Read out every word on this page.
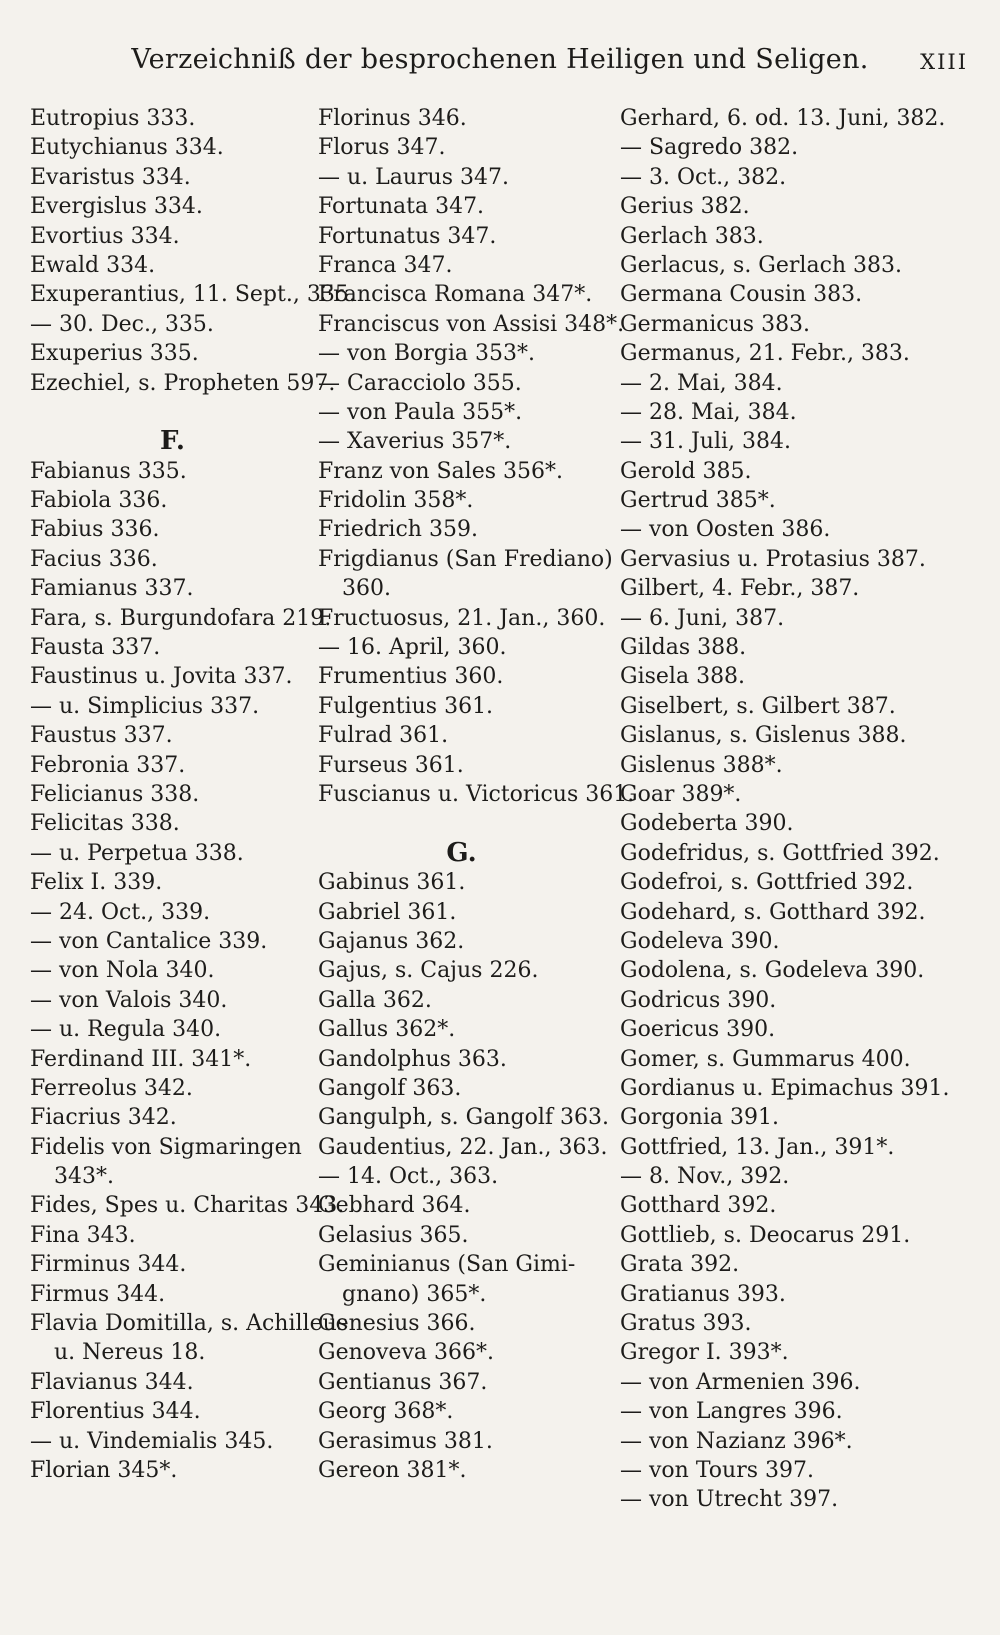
Verzeichniß der besprochenen Heiligen und Seligen.	XIII
Eutropius 333.
Eutychianus 334.
Evaristus 334.
Evergislus 334.
Evortius 334.
Ewald 334.
Exuperantius, 11. Sept., 335.
— 30. Dec., 335.
Exuperius 335.
Ezechiel, s. Propheten 597.
F.
Fabianus 335.
Fabiola 336.
Fabius 336.
Facius 336.
Famianus 337.
Fara, s. Burgundofara 219.
Fausta 337.
Faustinus u. Jovita 337.
— u. Simplicius 337.
Faustus 337.
Febronia 337.
Felicianus 338.
Felicitas 338.
— u. Perpetua 338.
Felix I. 339.
— 24. Oct., 339.
— von Cantalice 339.
— von Nola 340.
— von Valois 340.
— u. Regula 340.
Ferdinand III. 341*.
Ferreolus 342.
Fiacrius 342.
Fidelis von Sigmaringen
343*.
Fides, Spes u. Charitas 343.
Fina 343.
Firminus 344.
Firmus 344.
Flavia Domitilla, s. Achilleus
u. Nereus 18.
Flavianus 344.
Florentius 344.
— u. Vindemialis 345.
Florian 345*.
Florinus 346.
Florus 347.
— u. Laurus 347.
Fortunata 347.
Fortunatus 347.
Franca 347.
Francisca Romana 347*.
Franciscus von Assisi 348*.
— von Borgia 353*.
— Caracciolo 355.
— von Paula 355*.
— Xaverius 357*.
Franz von Sales 356*.
Fridolin 358*.
Friedrich 359.
Frigdianus (San Frediano)
360.
Fructuosus, 21. Jan., 360.
— 16. April, 360.
Frumentius 360.
Fulgentius 361.
Fulrad 361.
Furseus 361.
Fuscianus u. Victoricus 361.
G.
Gabinus 361.
Gabriel 361.
Gajanus 362.
Gajus, s. Cajus 226.
Galla 362.
Gallus 362*.
Gandolphus 363.
Gangolf 363.
Gangulph, s. Gangolf 363.
Gaudentius, 22. Jan., 363.
— 14. Oct., 363.
Gebhard 364.
Gelasius 365.
Geminianus (San Gimi-
gnano) 365*.
Genesius 366.
Genoveva 366*.
Gentianus 367.
Georg 368*.
Gerasimus 381.
Gereon 381*.
Gerhard, 6. od. 13. Juni, 382.
— Sagredo 382.
— 3. Oct., 382.
Gerius 382.
Gerlach 383.
Gerlacus, s. Gerlach 383.
Germana Cousin 383.
Germanicus 383.
Germanus, 21. Febr., 383.
— 2. Mai, 384.
— 28. Mai, 384.
— 31. Juli, 384.
Gerold 385.
Gertrud 385*.
— von Oosten 386.
Gervasius u. Protasius 387.
Gilbert, 4. Febr., 387.
— 6. Juni, 387.
Gildas 388.
Gisela 388.
Giselbert, s. Gilbert 387.
Gislanus, s. Gislenus 388.
Gislenus 388*.
Goar 389*.
Godeberta 390.
Godefridus, s. Gottfried 392.
Godefroi, s. Gottfried 392.
Godehard, s. Gotthard 392.
Godeleva 390.
Godolena, s. Godeleva 390.
Godricus 390.
Goericus 390.
Gomer, s. Gummarus 400.
Gordianus u. Epimachus 391.
Gorgonia 391.
Gottfried, 13. Jan., 391*.
— 8. Nov., 392.
Gotthard 392.
Gottlieb, s. Deocarus 291.
Grata 392.
Gratianus 393.
Gratus 393.
Gregor I. 393*.
— von Armenien 396.
— von Langres 396.
— von Nazianz 396*.
— von Tours 397.
— von Utrecht 397.
